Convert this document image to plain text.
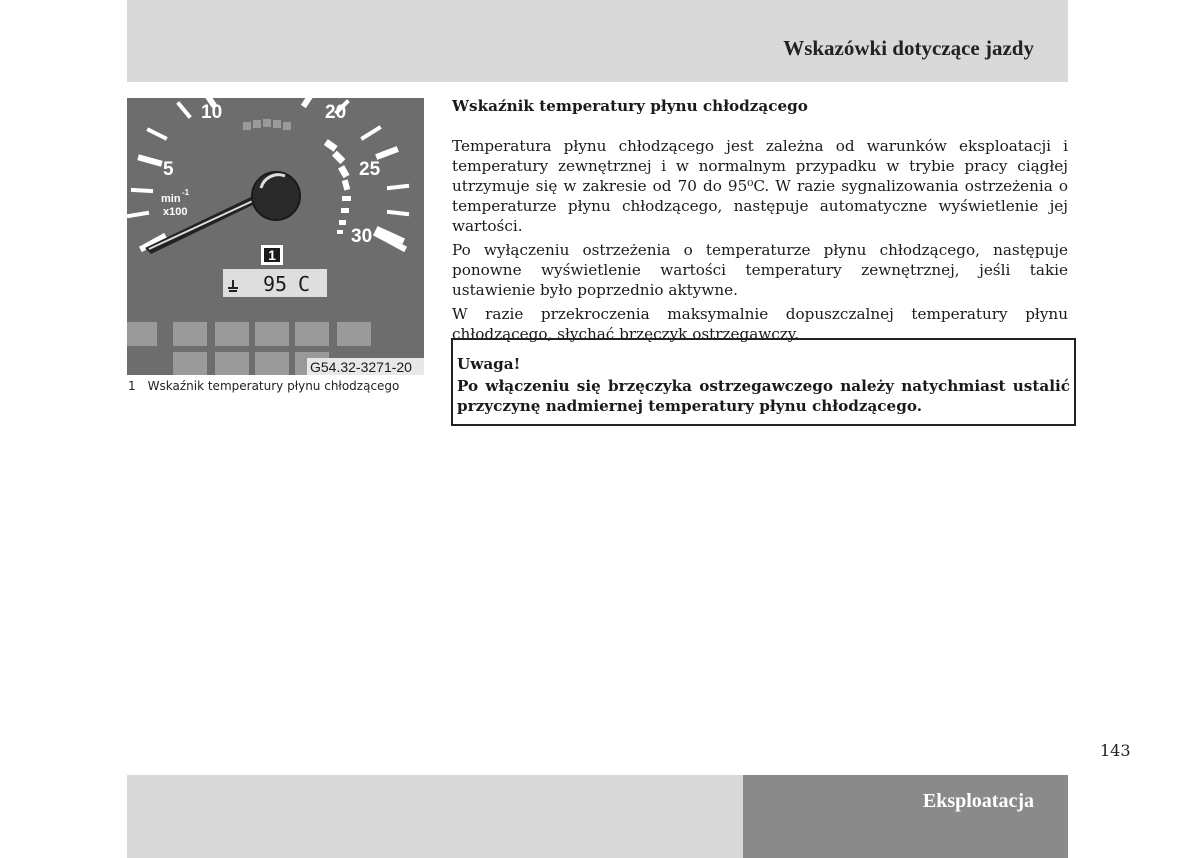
Wskazówki dotyczące jazdy
5
10	20
25
30
min
-1
x100
1
95 C
G54.32-3271-20
1 Wskaźnik temperatury płynu chłodzącego
Wskaźnik temperatury płynu chłodzącego

Temperatura płynu chłodzącego jest zależna od warunków eksploatacji i temperatury zewnętrznej i w normalnym przypadku w trybie pracy ciągłej utrzymuje się w zakresie od 70 do 95⁰C. W razie sygnalizowania ostrzeżenia o temperaturze płynu chłodzącego, następuje automatyczne wyświetlenie jej wartości.

Po wyłączeniu ostrzeżenia o temperaturze płynu chłodzącego, następuje ponowne wyświetlenie wartości temperatury zewnętrznej, jeśli takie ustawienie było poprzednio aktywne.

W razie przekroczenia maksymalnie dopuszczalnej temperatury płynu chłodzącego, słychać brzęczyk ostrzegawczy.

Uwaga!
Po włączeniu się brzęczyka ostrzegawczego należy natychmiast ustalić przyczynę nadmiernej temperatury płynu chłodzącego.
143
Eksploatacja
